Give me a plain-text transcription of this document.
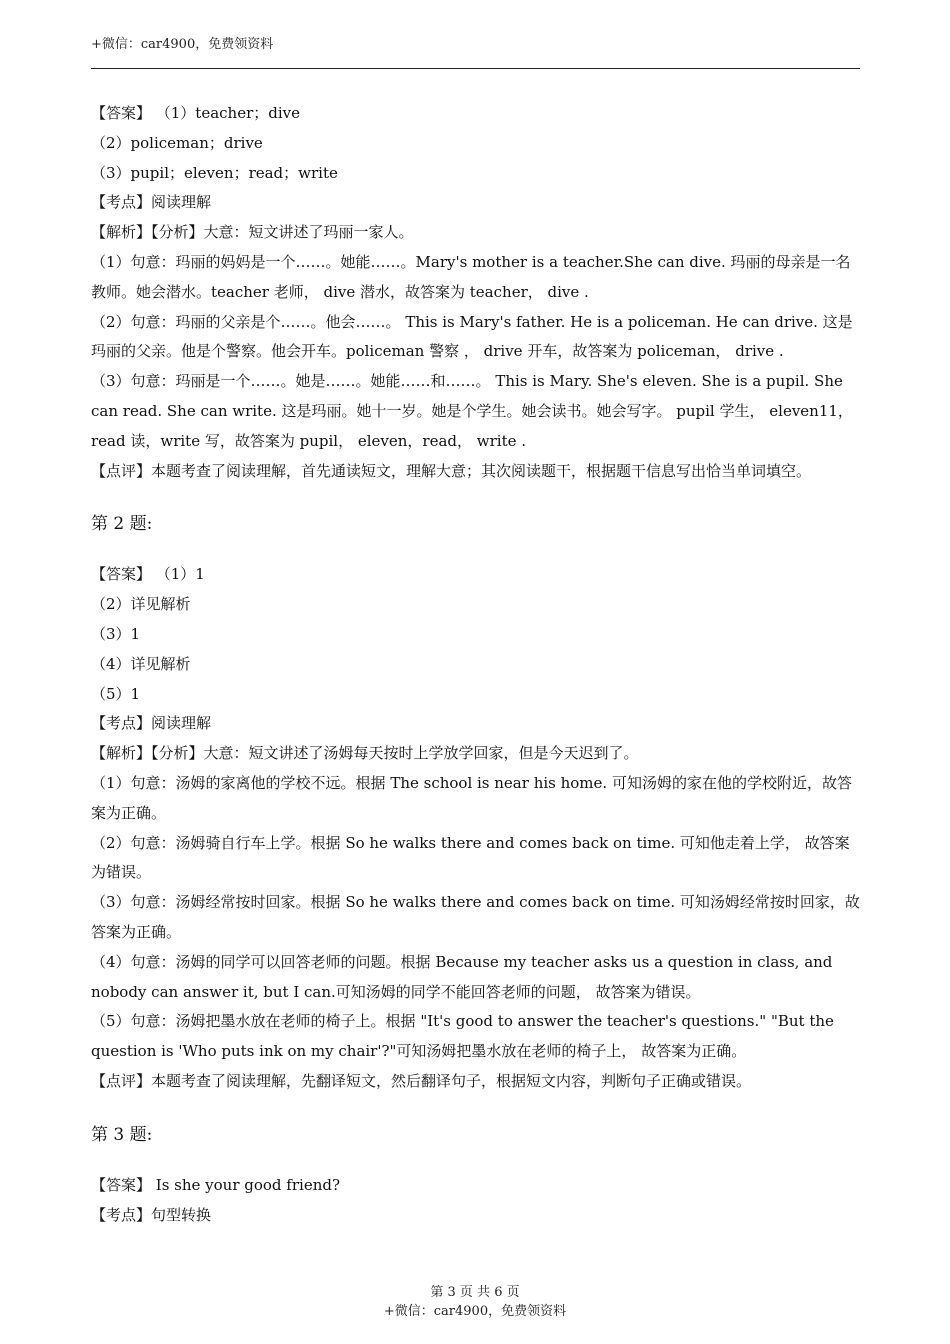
+微信：car4900，免费领资料

【答案】 （1）teacher；dive

（2）policeman；drive

（3）pupil；eleven；read；write

【考点】阅读理解

【解析】【分析】大意：短文讲述了玛丽一家人。

（1）句意：玛丽的妈妈是一个……。她能……。Mary's mother is a teacher.She can dive. 玛丽的母亲是一名教师。她会潜水。teacher 老师， dive 潜水，故答案为 teacher， dive .

（2）句意：玛丽的父亲是个……。他会……。 This is Mary's father. He is a policeman. He can drive. 这是玛丽的父亲。他是个警察。他会开车。policeman 警察 ， drive 开车，故答案为 policeman， drive .

（3）句意：玛丽是一个……。她是……。她能……和……。 This is Mary. She's eleven. She is a pupil. She can read. She can write. 这是玛丽。她十一岁。她是个学生。她会读书。她会写字。 pupil 学生， eleven11， read 读，write 写，故答案为 pupil， eleven，read， write .

【点评】本题考查了阅读理解，首先通读短文，理解大意；其次阅读题干，根据题干信息写出恰当单词填空。

第 2 题:

【答案】 （1）1

（2）详见解析

（3）1

（4）详见解析

（5）1

【考点】阅读理解

【解析】【分析】大意：短文讲述了汤姆每天按时上学放学回家，但是今天迟到了。

（1）句意：汤姆的家离他的学校不远。根据 The school is near his home. 可知汤姆的家在他的学校附近，故答案为正确。

（2）句意：汤姆骑自行车上学。根据 So he walks there and comes back on time. 可知他走着上学， 故答案为错误。

（3）句意：汤姆经常按时回家。根据 So he walks there and comes back on time. 可知汤姆经常按时回家，故答案为正确。

（4）句意：汤姆的同学可以回答老师的问题。根据 Because my teacher asks us a question in class, and nobody can answer it, but I can.可知汤姆的同学不能回答老师的问题， 故答案为错误。

（5）句意：汤姆把墨水放在老师的椅子上。根据 "It's good to answer the teacher's questions." "But the question is 'Who puts ink on my chair'?"可知汤姆把墨水放在老师的椅子上， 故答案为正确。

【点评】本题考查了阅读理解，先翻译短文，然后翻译句子，根据短文内容，判断句子正确或错误。

第 3 题:

【答案】 Is she your good friend?

【考点】句型转换

第 3 页 共 6 页
+微信：car4900，免费领资料
